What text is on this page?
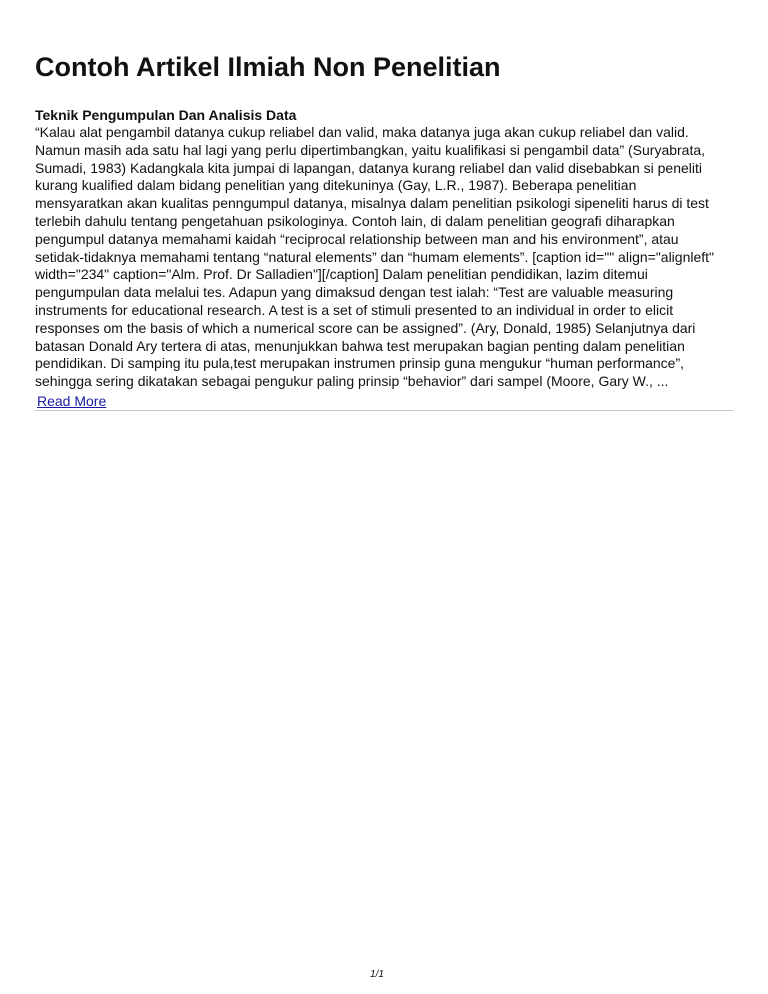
Contoh Artikel Ilmiah Non Penelitian
Teknik Pengumpulan Dan Analisis Data

“Kalau alat pengambil datanya cukup reliabel dan valid, maka datanya juga akan cukup reliabel dan valid. Namun masih ada satu hal lagi yang perlu dipertimbangkan, yaitu kualifikasi si pengambil data” (Suryabrata, Sumadi, 1983) Kadangkala kita jumpai di lapangan, datanya kurang reliabel dan valid disebabkan si peneliti kurang kualified dalam bidang penelitian yang ditekuninya (Gay, L.R., 1987). Beberapa penelitian mensyaratkan akan kualitas penngumpul datanya, misalnya dalam penelitian psikologi sipeneliti harus di test terlebih dahulu tentang pengetahuan psikologinya. Contoh lain, di dalam penelitian geografi diharapkan pengumpul datanya memahami kaidah “reciprocal relationship between man and his environment”, atau setidak-tidaknya memahami tentang “natural elements” dan “humam elements”. [caption id="" align="alignleft" width="234" caption="Alm. Prof. Dr Salladien"][/caption] Dalam penelitian pendidikan, lazim ditemui pengumpulan data melalui tes. Adapun yang dimaksud dengan test ialah: “Test are valuable measuring instruments for educational research. A test is a set of stimuli presented to an individual in order to elicit responses om the basis of which a numerical score can be assigned”. (Ary, Donald, 1985) Selanjutnya dari batasan Donald Ary tertera di atas, menunjukkan bahwa test merupakan bagian penting dalam penelitian pendidikan. Di samping itu pula,test merupakan instrumen prinsip guna mengukur “human performance”, sehingga sering dikatakan sebagai pengukur paling prinsip “behavior” dari sampel (Moore, Gary W., ...

Read More
1/1
